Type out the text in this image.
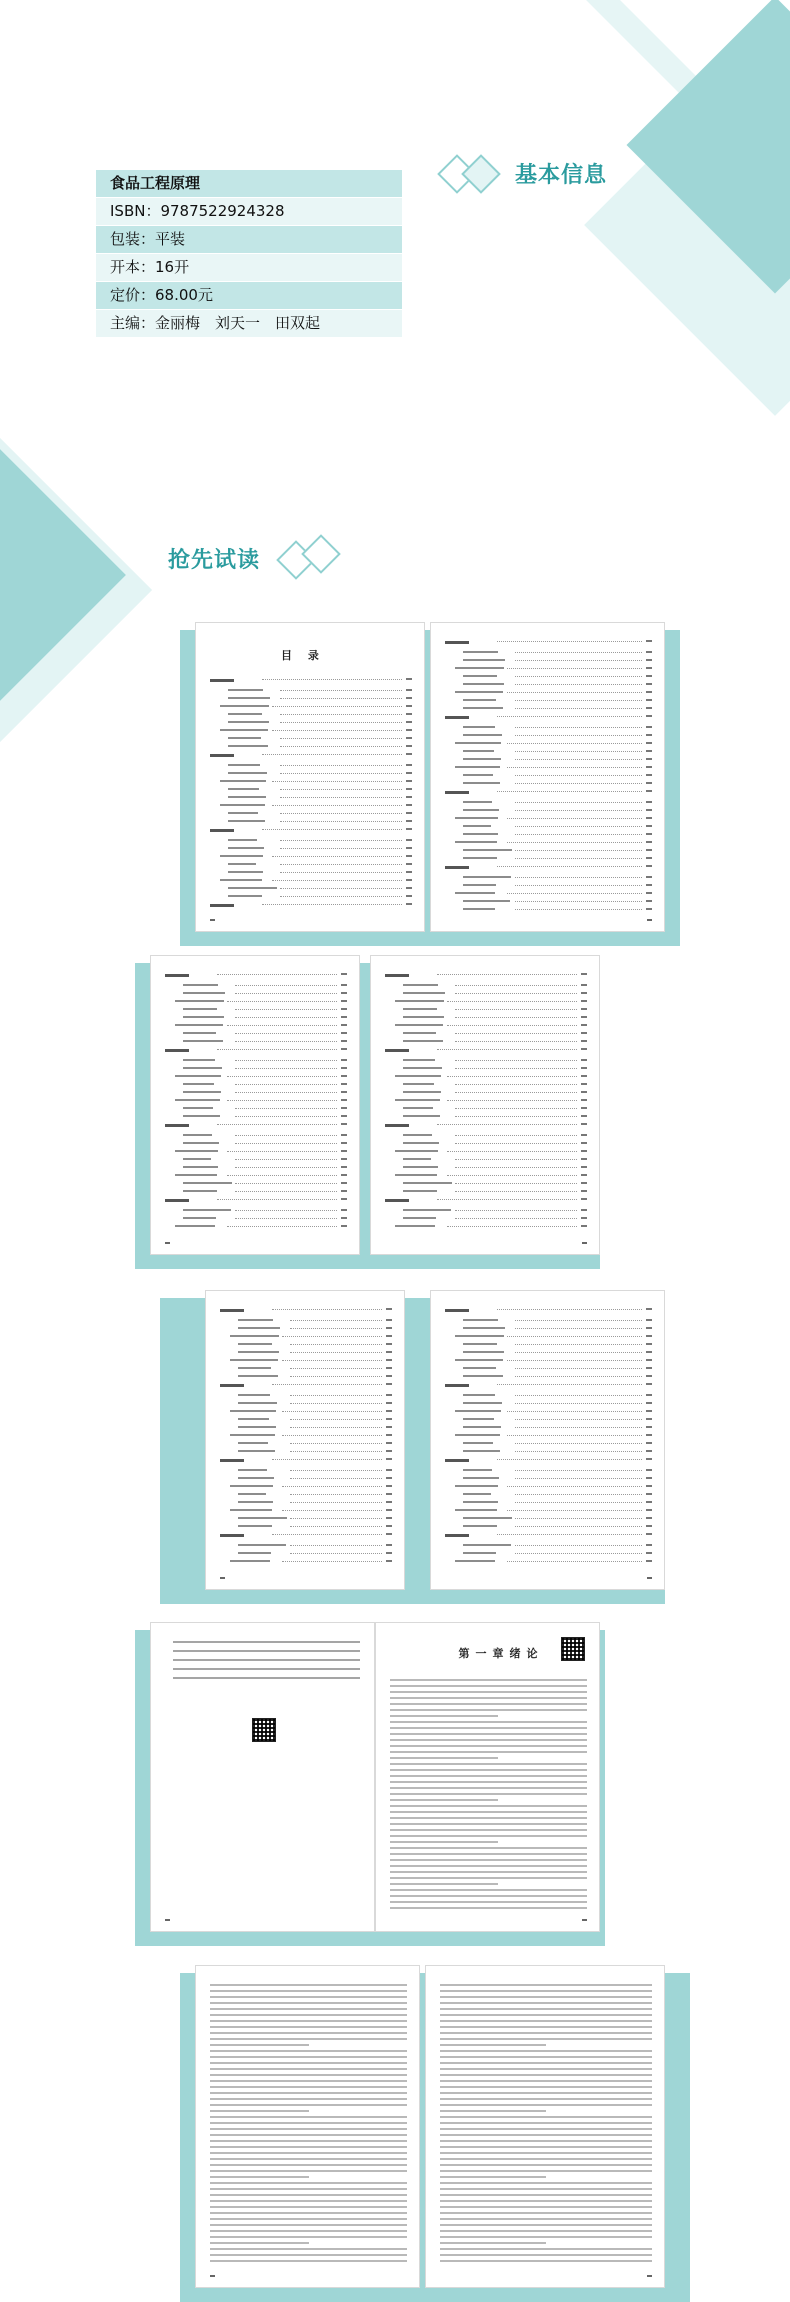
基本信息
食品工程原理
ISBN：9787522924328
包装：平装
开本：16开
定价：68.00元
主编：金丽梅　刘天一　田双起
抢先试读
目 录
第一章绪论
